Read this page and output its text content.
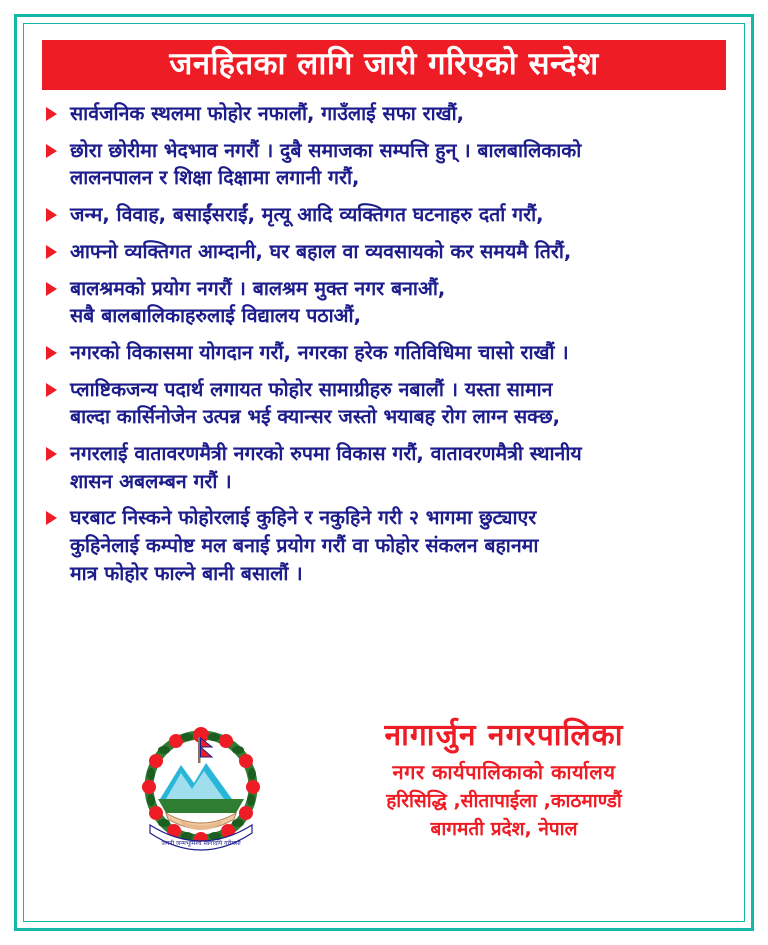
जनहितका लागि जारी गरिएको सन्देश
सार्वजनिक स्थलमा फोहोर नफालौं, गाउँलाई सफा राखौं,
छोरा छोरीमा भेदभाव नगरौं । दुबै समाजका सम्पत्ति हुन् । बालबालिकाको
लालनपालन र शिक्षा दिक्षामा लगानी गरौं,
जन्म, विवाह, बसाईंसराईं, मृत्यू आदि व्यक्तिगत घटनाहरु दर्ता गरौं,
आफ्नो व्यक्तिगत आम्दानी, घर बहाल वा व्यवसायको कर समयमै तिरौं,
बालश्रमको प्रयोग नगरौं । बालश्रम मुक्त नगर बनाऔं,
सबै बालबालिकाहरुलाई विद्यालय पठाऔं,
नगरको विकासमा योगदान गरौं, नगरका हरेक गतिविधिमा चासो राखौं ।
प्लाष्टिकजन्य पदार्थ लगायत फोहोर सामाग्रीहरु नबालौं । यस्ता सामान
बाल्दा कार्सिनोजेन उत्पन्न भई क्यान्सर जस्तो भयाबह रोग लाग्न सक्छ,
नगरलाई वातावरणमैत्री नगरको रुपमा विकास गरौं, वातावरणमैत्री स्थानीय
शासन अबलम्बन गरौं ।
घरबाट निस्कने फोहोरलाई कुहिने र नकुहिने गरी २ भागमा छुट्याएर
कुहिनेलाई कम्पोष्ट मल बनाई प्रयोग गरौं वा फोहोर संकलन बहानमा
मात्र फोहोर फाल्ने बानी बसालौं ।
जननी जन्मभूमिश्च स्वर्गादपि गरीयसी
नागार्जुन नगरपालिका
नगर कार्यपालिकाको कार्यालय
हरिसिद्धि ,सीतापाईला ,काठमाण्डौं
बागमती प्रदेश, नेपाल
